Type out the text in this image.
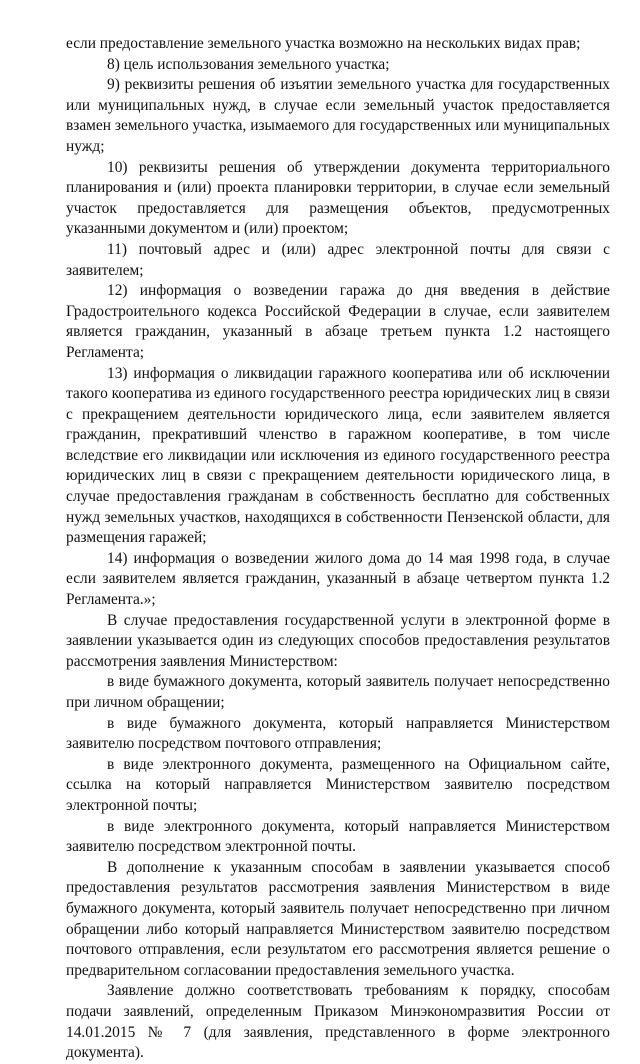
если предоставление земельного участка возможно на нескольких видах прав;

8) цель использования земельного участка;

9) реквизиты решения об изъятии земельного участка для государственных или муниципальных нужд, в случае если земельный участок предоставляется взамен земельного участка, изымаемого для государственных или муниципальных нужд;

10) реквизиты решения об утверждении документа территориального планирования и (или) проекта планировки территории, в случае если земельный участок предоставляется для размещения объектов, предусмотренных указанными документом и (или) проектом;

11) почтовый адрес и (или) адрес электронной почты для связи с заявителем;

12) информация о возведении гаража до дня введения в действие Градостроительного кодекса Российской Федерации в случае, если заявителем является гражданин, указанный в абзаце третьем пункта 1.2 настоящего Регламента;

13) информация о ликвидации гаражного кооператива или об исключении такого кооператива из единого государственного реестра юридических лиц в связи с прекращением деятельности юридического лица, если заявителем является гражданин, прекративший членство в гаражном кооперативе, в том числе вследствие его ликвидации или исключения из единого государственного реестра юридических лиц в связи с прекращением деятельности юридического лица, в случае предоставления гражданам в собственность бесплатно для собственных нужд земельных участков, находящихся в собственности Пензенской области, для размещения гаражей;

14) информация о возведении жилого дома до 14 мая 1998 года, в случае если заявителем является гражданин, указанный в абзаце четвертом пункта 1.2 Регламента.»;

В случае предоставления государственной услуги в электронной форме в заявлении указывается один из следующих способов предоставления результатов рассмотрения заявления Министерством:

в виде бумажного документа, который заявитель получает непосредственно при личном обращении;

в виде бумажного документа, который направляется Министерством заявителю посредством почтового отправления;

в виде электронного документа, размещенного на Официальном сайте, ссылка на который направляется Министерством заявителю посредством электронной почты;

в виде электронного документа, который направляется Министерством заявителю посредством электронной почты.

В дополнение к указанным способам в заявлении указывается способ предоставления результатов рассмотрения заявления Министерством в виде бумажного документа, который заявитель получает непосредственно при личном обращении либо который направляется Министерством заявителю посредством почтового отправления, если результатом его рассмотрения является решение о предварительном согласовании предоставления земельного участка.

Заявление должно соответствовать требованиям к порядку, способам подачи заявлений, определенным Приказом Минэкономразвития России от 14.01.2015 № 7 (для заявления, представленного в форме электронного документа).
